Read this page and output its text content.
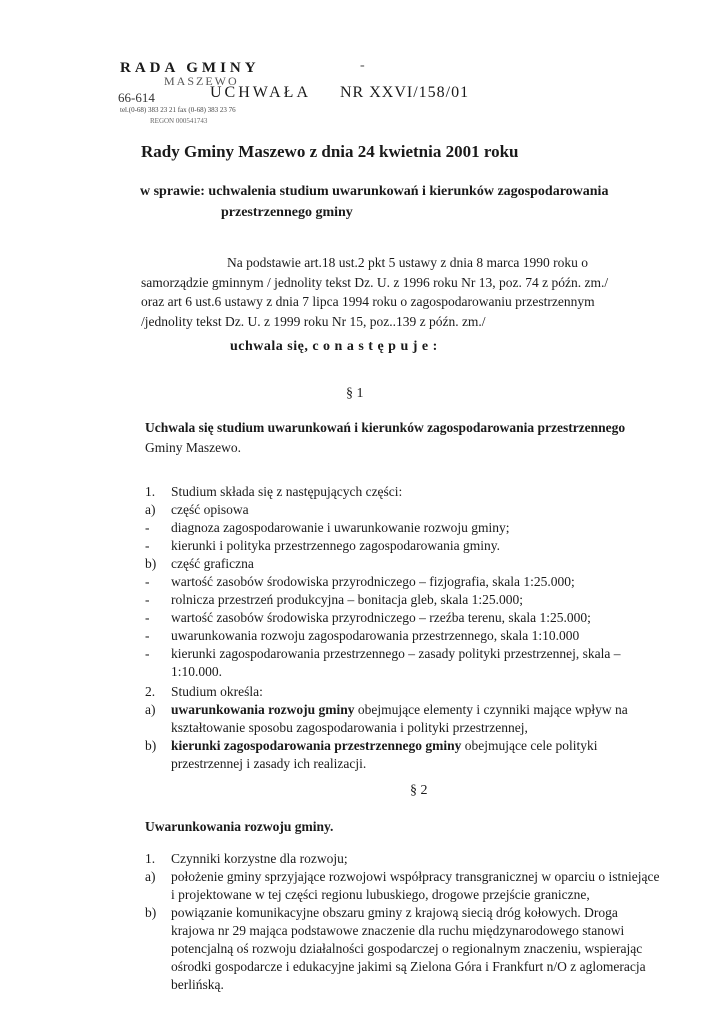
RADA GMINY
MASZEWO
66-614
tel.(0-68) 383 23 21 fax (0-68) 383 23 76
REGON 000541743
-
UCHWAŁA NR XXVI/158/01
Rady Gminy Maszewo z dnia 24 kwietnia 2001 roku
w sprawie: uchwalenia studium uwarunkowań i kierunków zagospodarowania
przestrzennego gminy
Na podstawie art.18 ust.2 pkt 5 ustawy z dnia 8 marca 1990 roku o
samorządzie gminnym / jednolity tekst Dz. U. z 1996 roku Nr 13, poz. 74 z późn. zm./
oraz art 6 ust.6 ustawy z dnia 7 lipca 1994 roku o zagospodarowaniu przestrzennym
/jednolity tekst Dz. U. z 1999 roku Nr 15, poz..139 z późn. zm./
uchwala się, c o n a s t ę p u j e :
§ 1
Uchwala się studium uwarunkowań i kierunków zagospodarowania przestrzennego
Gminy Maszewo.
1. Studium składa się z następujących części:
a) część opisowa
- diagnoza zagospodarowanie i uwarunkowanie rozwoju gminy;
- kierunki i polityka przestrzennego zagospodarowania gminy.
b) część graficzna
- wartość zasobów środowiska przyrodniczego – fizjografia, skala 1:25.000;
- rolnicza przestrzeń produkcyjna – bonitacja gleb, skala 1:25.000;
- wartość zasobów środowiska przyrodniczego – rzeźba terenu, skala 1:25.000;
- uwarunkowania rozwoju zagospodarowania przestrzennego, skala 1:10.000
- kierunki zagospodarowania przestrzennego – zasady polityki przestrzennej, skala –
1:10.000.
2. Studium określa:
a) uwarunkowania rozwoju gminy obejmujące elementy i czynniki mające wpływ na
kształtowanie sposobu zagospodarowania i polityki przestrzennej,
b) kierunki zagospodarowania przestrzennego gminy obejmujące cele polityki
przestrzennej i zasady ich realizacji.
§ 2
Uwarunkowania rozwoju gminy.
1. Czynniki korzystne dla rozwoju;
a) położenie gminy sprzyjające rozwojowi współpracy transgranicznej w oparciu o istniejące
i projektowane w tej części regionu lubuskiego, drogowe przejście graniczne,
b) powiązanie komunikacyjne obszaru gminy z krajową siecią dróg kołowych. Droga
krajowa nr 29 mająca podstawowe znaczenie dla ruchu międzynarodowego stanowi
potencjalną oś rozwoju działalności gospodarczej o regionalnym znaczeniu, wspierając
ośrodki gospodarcze i edukacyjne jakimi są Zielona Góra i Frankfurt n/O z aglomeracja
berlińską.
